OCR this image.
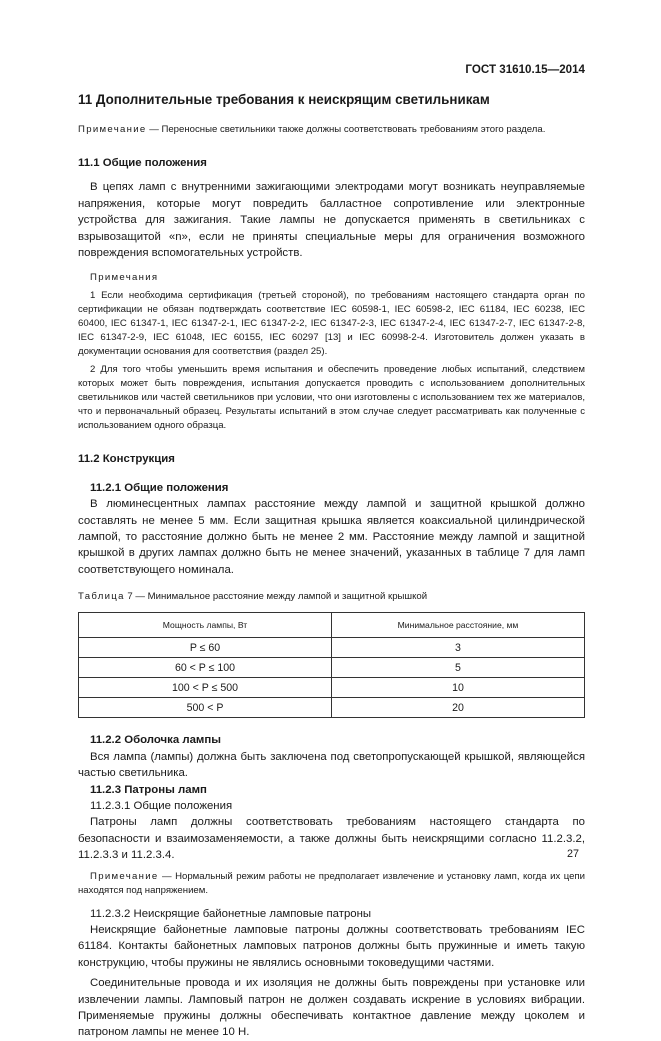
ГОСТ 31610.15—2014
11 Дополнительные требования к неискрящим светильникам

Примечание — Переносные светильники также должны соответствовать требованиям этого раздела.

11.1 Общие положения

В цепях ламп с внутренними зажигающими электродами могут возникать неуправляемые напряжения, которые могут повредить балластное сопротивление или электронные устройства для зажигания. Такие лампы не допускается применять в светильниках с взрывозащитой «n», если не приняты специальные меры для ограничения возможного повреждения вспомогательных устройств.

Примечания

1 Если необходима сертификация (третьей стороной), по требованиям настоящего стандарта орган по сертификации не обязан подтверждать соответствие IEC 60598-1, IEC 60598-2, IEC 61184, IEC 60238, IEC 60400, IEC 61347-1, IEC 61347-2-1, IEC 61347-2-2, IEC 61347-2-3, IEC 61347-2-4, IEC 61347-2-7, IEC 61347-2-8, IEC 61347-2-9, IEC 61048, IEC 60155, IEC 60297 [13] и IEC 60998-2-4. Изготовитель должен указать в документации основания для соответствия (раздел 25).

2 Для того чтобы уменьшить время испытания и обеспечить проведение любых испытаний, следствием которых может быть повреждения, испытания допускается проводить с использованием дополнительных светильников или частей светильников при условии, что они изготовлены с использованием тех же материалов, что и первоначальный образец. Результаты испытаний в этом случае следует рассматривать как полученные с использованием одного образца.

11.2 Конструкция
11.2.1 Общие положения

В люминесцентных лампах расстояние между лампой и защитной крышкой должно составлять не менее 5 мм. Если защитная крышка является коаксиальной цилиндрической лампой, то расстояние должно быть не менее 2 мм. Расстояние между лампой и защитной крышкой в других лампах должно быть не менее значений, указанных в таблице 7 для ламп соответствующего номинала.

Таблица 7 — Минимальное расстояние между лампой и защитной крышкой

Мощность лампы, Вт	Минимальное расстояние, мм
P ≤ 60	3
60 < P ≤ 100	5
100 < P ≤ 500	10
500 < P	20
11.2.2 Оболочка лампы

Вся лампа (лампы) должна быть заключена под светопропускающей крышкой, являющейся частью светильника.

11.2.3 Патроны ламп

11.2.3.1 Общие положения

Патроны ламп должны соответствовать требованиям настоящего стандарта по безопасности и взаимозаменяемости, а также должны быть неискрящими согласно 11.2.3.2, 11.2.3.3 и 11.2.3.4.

Примечание — Нормальный режим работы не предполагает извлечение и установку ламп, когда их цепи находятся под напряжением.

11.2.3.2 Неискрящие байонетные ламповые патроны

Неискрящие байонетные ламповые патроны должны соответствовать требованиям IEC 61184. Контакты байонетных ламповых патронов должны быть пружинные и иметь такую конструкцию, чтобы пружины не являлись основными токоведущими частями.

Соединительные провода и их изоляция не должны быть повреждены при установке или извлечении лампы. Ламповый патрон не должен создавать искрение в условиях вибрации. Применяемые пружины должны обеспечивать контактное давление между цоколем и патроном лампы не менее 10 Н.

27
